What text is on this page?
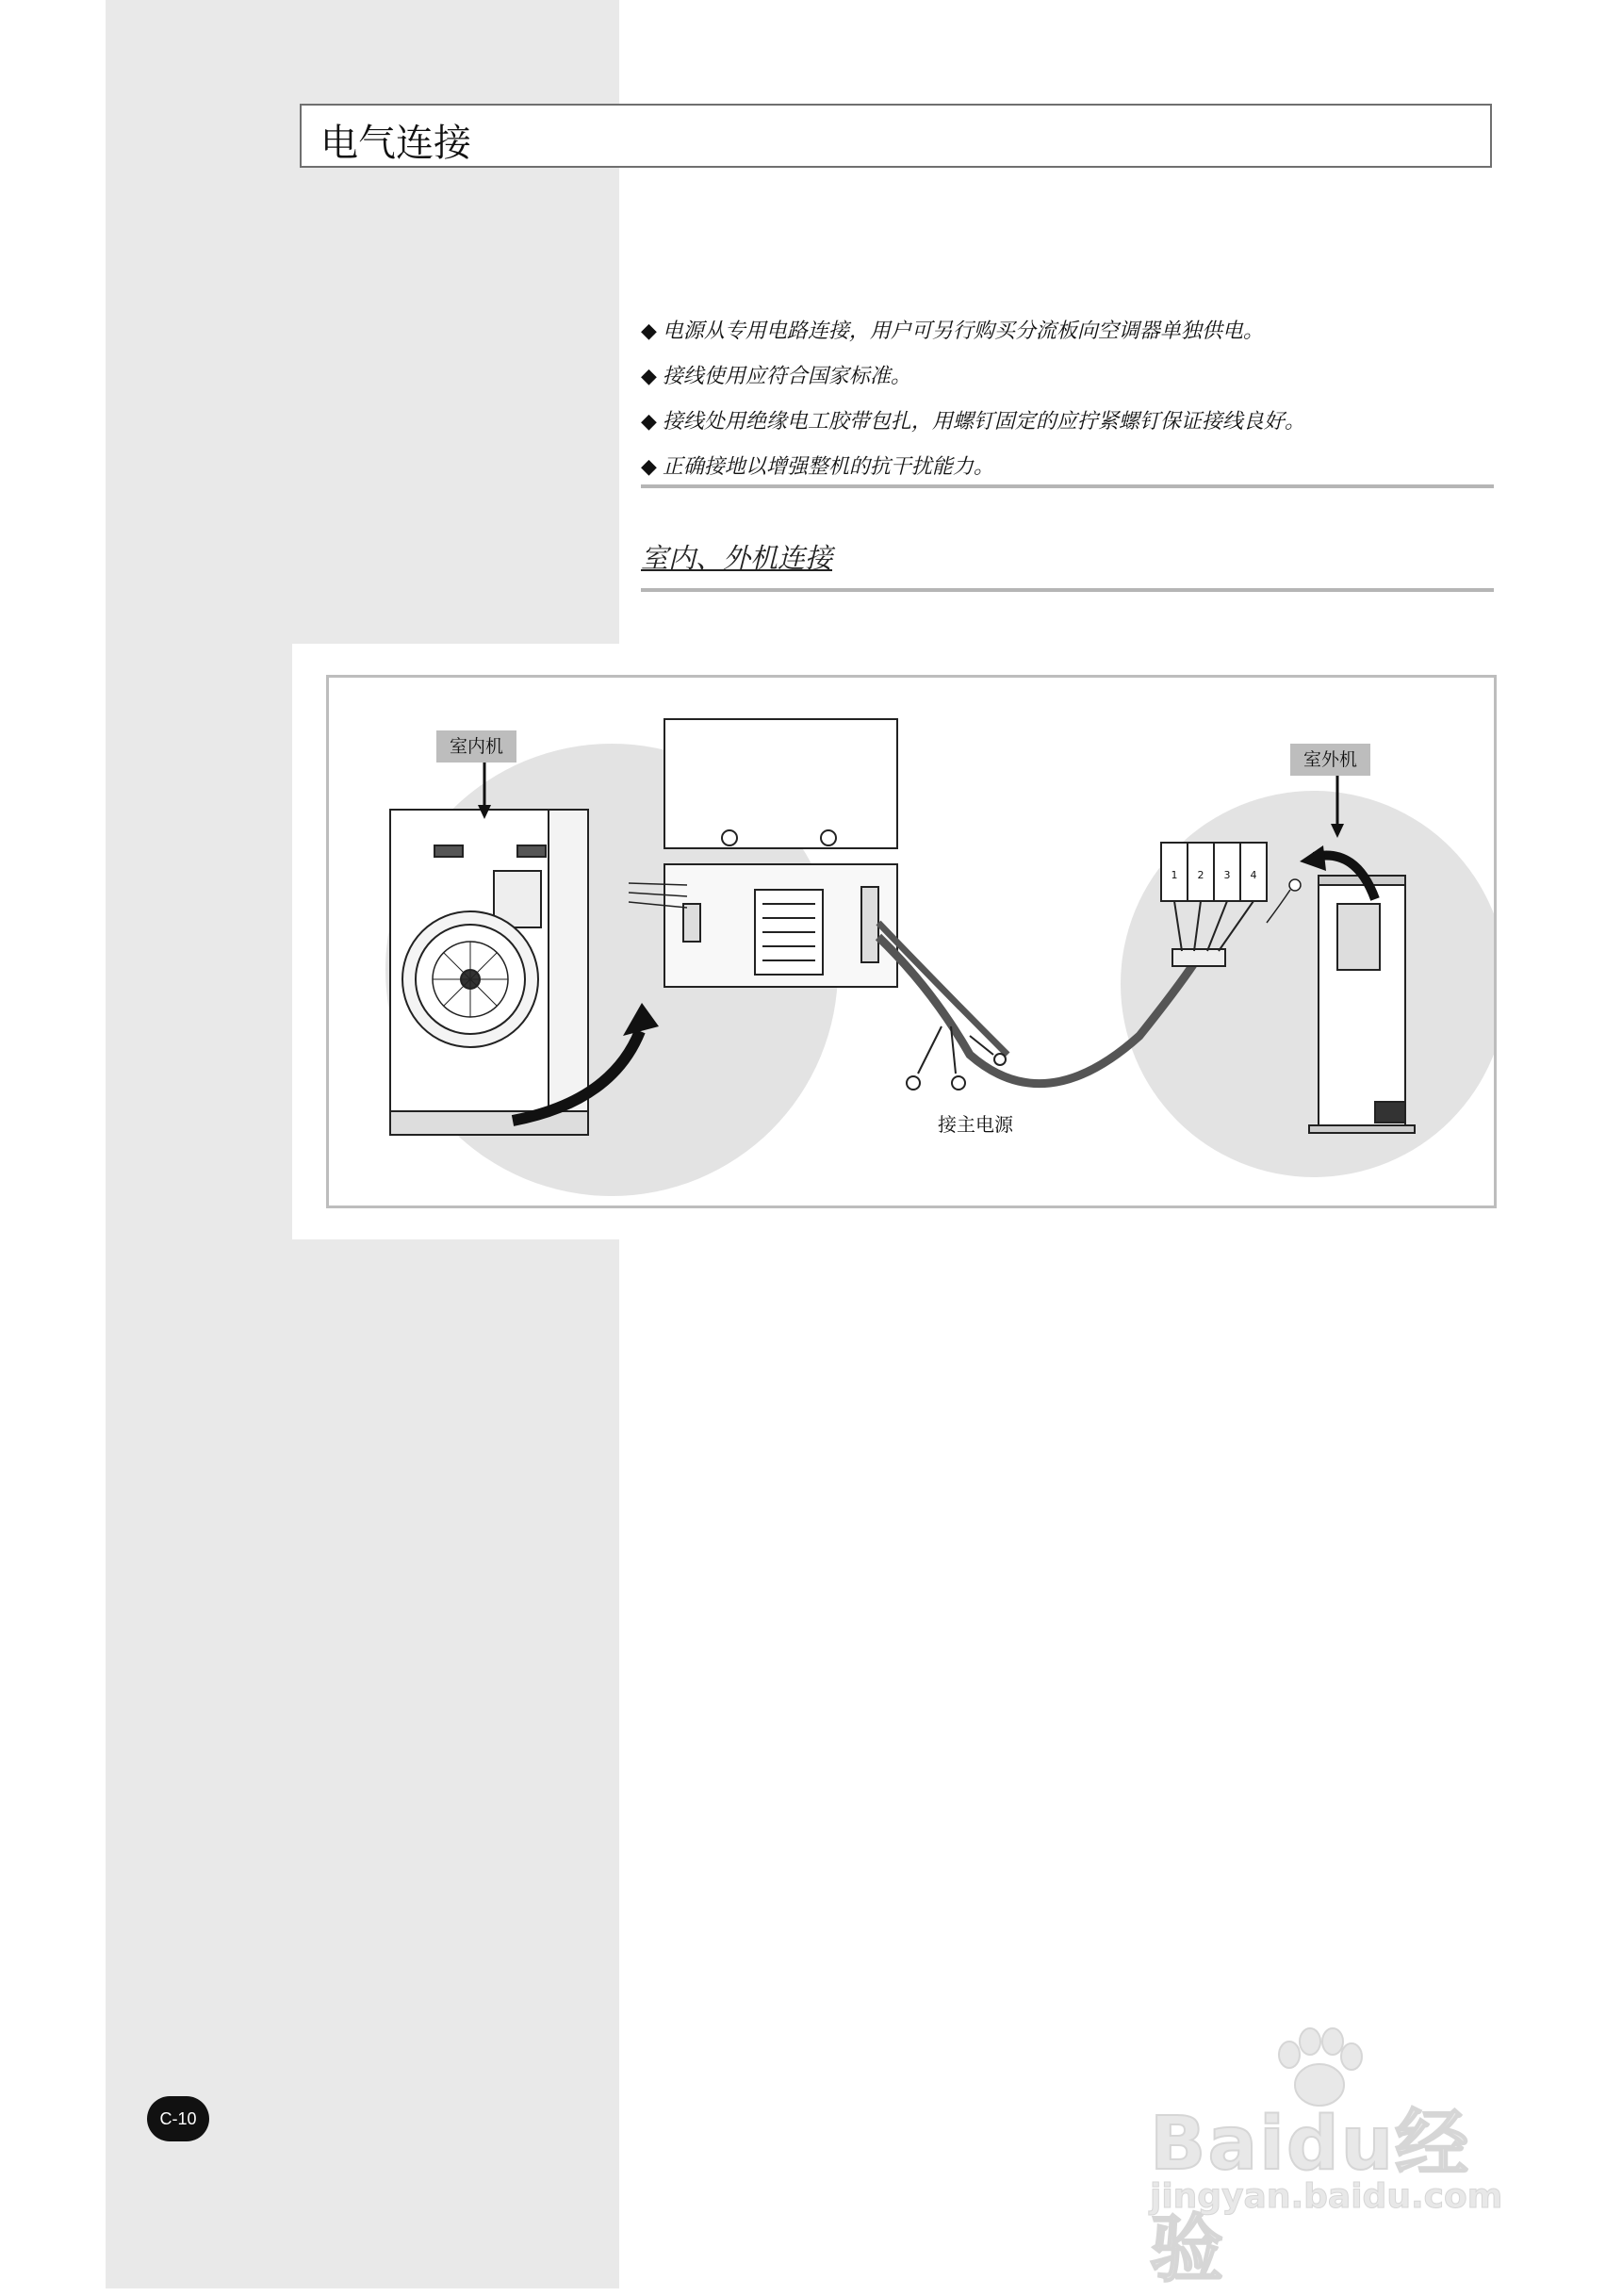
电气连接
◆ 电源从专用电路连接，用户可另行购买分流板向空调器单独供电。
◆ 接线使用应符合国家标准。
◆ 接线处用绝缘电工胶带包扎，用螺钉固定的应拧紧螺钉保证接线良好。
◆ 正确接地以增强整机的抗干扰能力。
室内、外机连接
1 2 3 4
室内机
室外机
接主电源
C-10	Baidu经验
jingyan.baidu.com
